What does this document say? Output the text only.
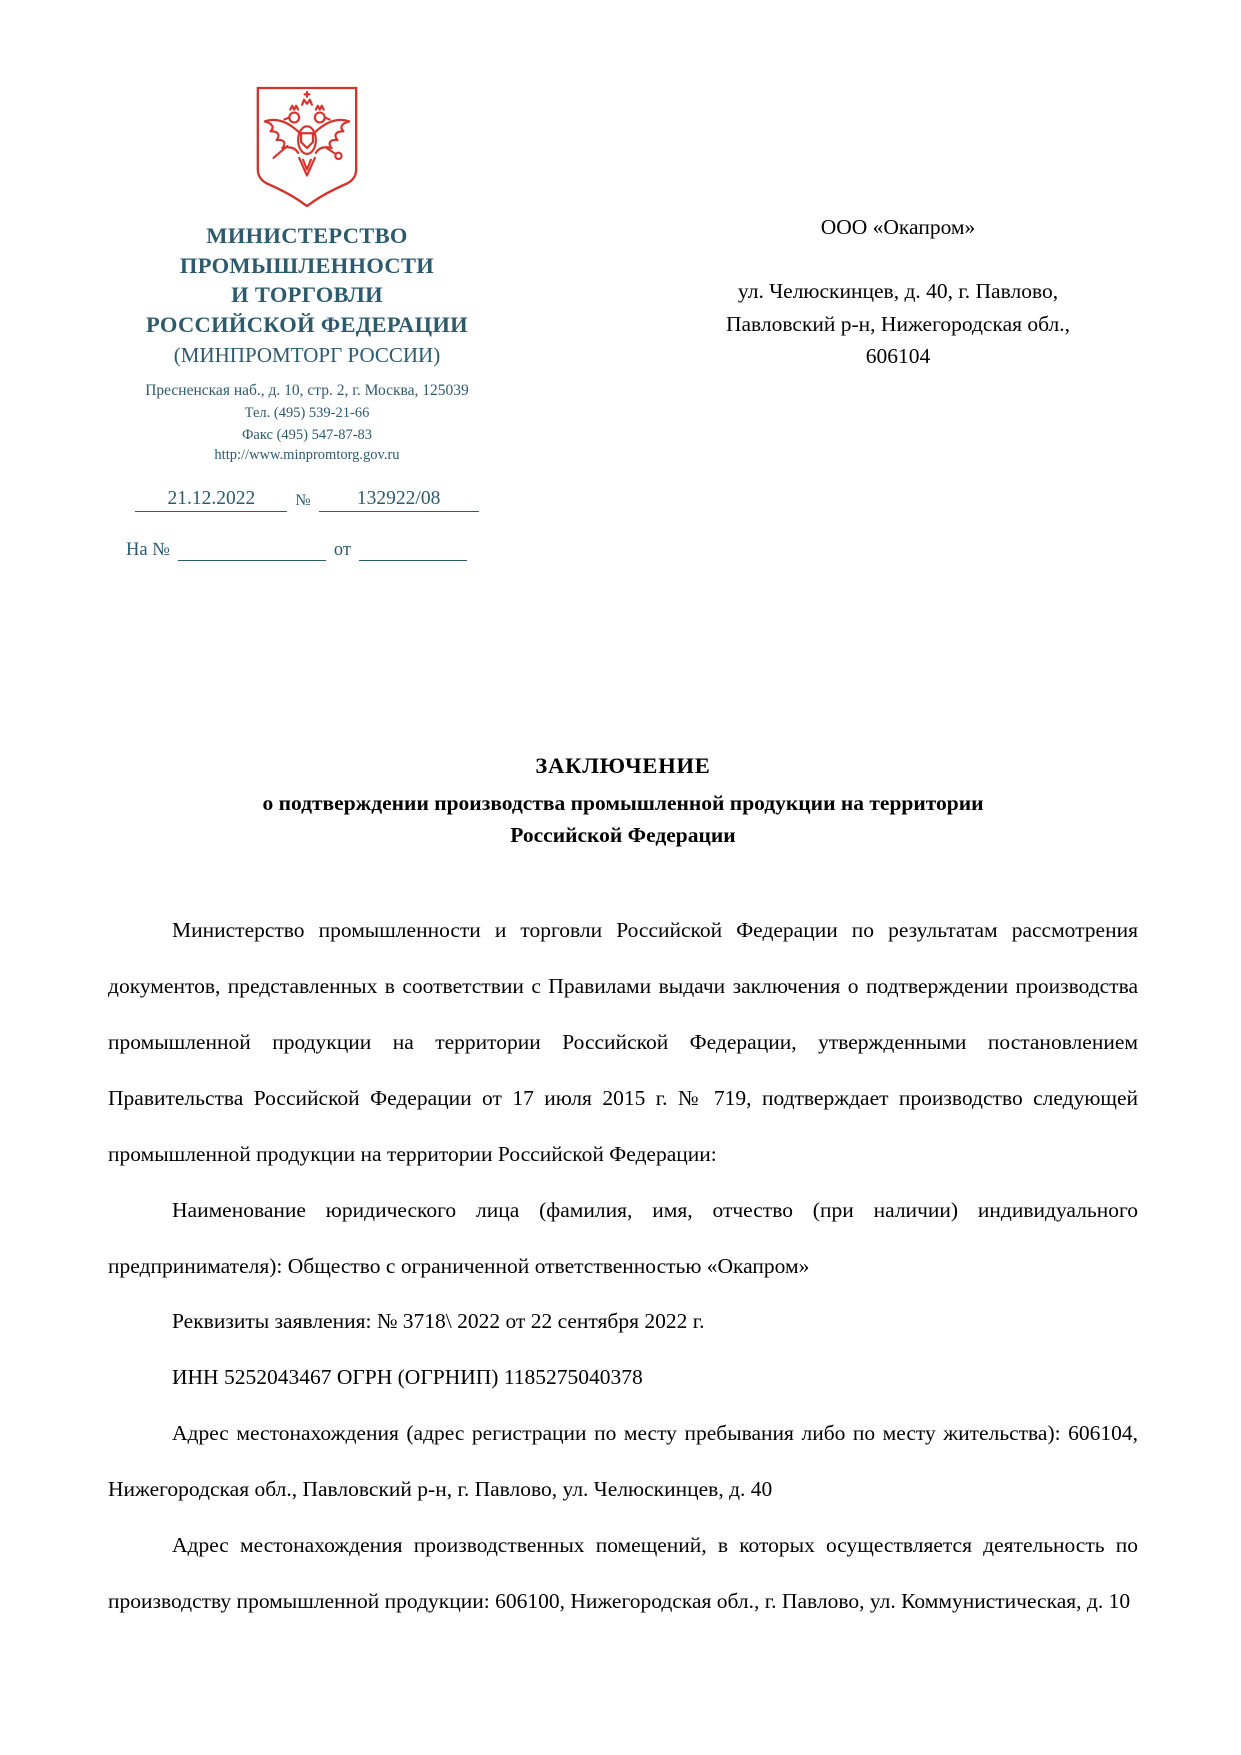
МИНИСТЕРСТВО
ПРОМЫШЛЕННОСТИ
И ТОРГОВЛИ
РОССИЙСКОЙ ФЕДЕРАЦИИ
(МИНПРОМТОРГ РОССИИ)
Пресненская наб., д. 10, стр. 2, г. Москва, 125039
Тел. (495) 539-21-66
Факс (495) 547-87-83
http://www.minpromtorg.gov.ru
21.12.2022	№	132922/08
На №	от
ООО «Окапром»
ул. Челюскинцев, д. 40, г. Павлово,
Павловский р-н, Нижегородская обл.,
606104
ЗАКЛЮЧЕНИЕ
о подтверждении производства промышленной продукции на территории
Российской Федерации

Министерство промышленности и торговли Российской Федерации по результатам рассмотрения документов, представленных в соответствии с Правилами выдачи заключения о подтверждении производства промышленной продукции на территории Российской Федерации, утвержденными постановлением Правительства Российской Федерации от 17 июля 2015 г. № 719, подтверждает производство следующей промышленной продукции на территории Российской Федерации:

Наименование юридического лица (фамилия, имя, отчество (при наличии) индивидуального предпринимателя): Общество с ограниченной ответственностью «Окапром»

Реквизиты заявления: № 3718\ 2022 от 22 сентября 2022 г.

ИНН 5252043467 ОГРН (ОГРНИП) 1185275040378

Адрес местонахождения (адрес регистрации по месту пребывания либо по месту жительства): 606104, Нижегородская обл., Павловский р-н, г. Павлово, ул. Челюскинцев, д. 40

Адрес местонахождения производственных помещений, в которых осуществляется деятельность по производству промышленной продукции: 606100, Нижегородская обл., г. Павлово, ул. Коммунистическая, д. 10
